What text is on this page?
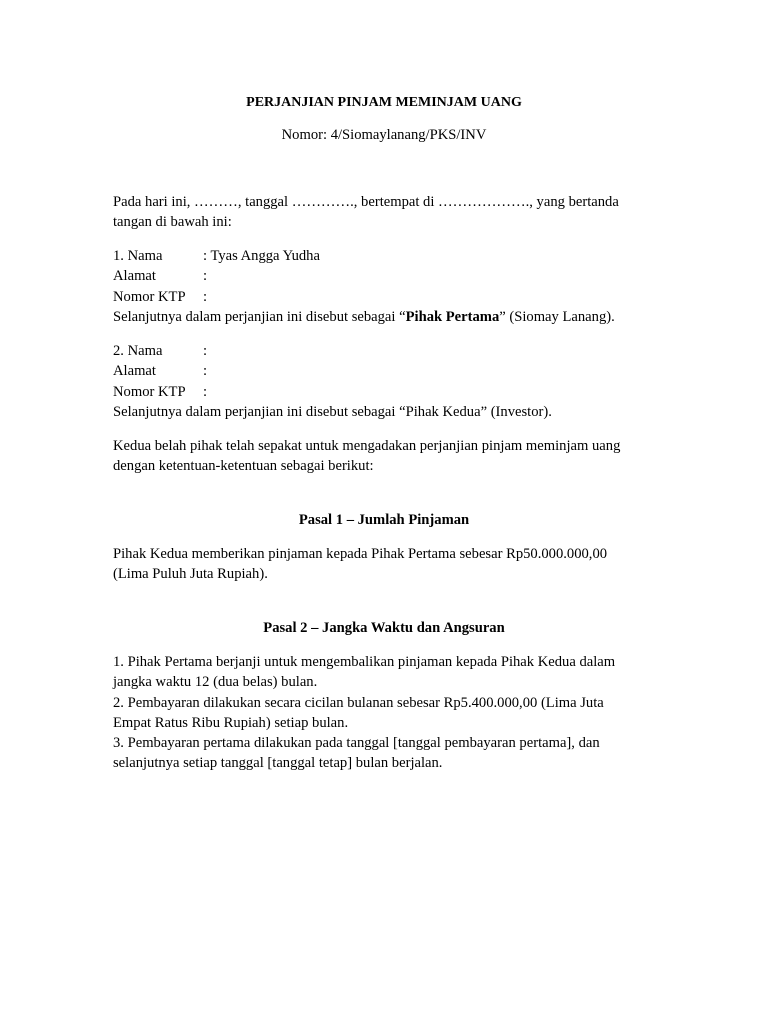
PERJANJIAN PINJAM MEMINJAM UANG
Nomor: 4/Siomaylanang/PKS/INV
Pada hari ini, ………, tanggal …………., bertempat di ………………., yang bertanda
tangan di bawah ini:
1. Nama	: Tyas Angga Yudha
Alamat	:
Nomor KTP :
Selanjutnya dalam perjanjian ini disebut sebagai “Pihak Pertama” (Siomay Lanang).
2. Nama	:
Alamat	:
Nomor KTP :
Selanjutnya dalam perjanjian ini disebut sebagai “Pihak Kedua” (Investor).
Kedua belah pihak telah sepakat untuk mengadakan perjanjian pinjam meminjam uang
dengan ketentuan-ketentuan sebagai berikut:
Pasal 1 – Jumlah Pinjaman
Pihak Kedua memberikan pinjaman kepada Pihak Pertama sebesar Rp50.000.000,00
(Lima Puluh Juta Rupiah).
Pasal 2 – Jangka Waktu dan Angsuran
1. Pihak Pertama berjanji untuk mengembalikan pinjaman kepada Pihak Kedua dalam
jangka waktu 12 (dua belas) bulan.
2. Pembayaran dilakukan secara cicilan bulanan sebesar Rp5.400.000,00 (Lima Juta
Empat Ratus Ribu Rupiah) setiap bulan.
3. Pembayaran pertama dilakukan pada tanggal [tanggal pembayaran pertama], dan
selanjutnya setiap tanggal [tanggal tetap] bulan berjalan.
